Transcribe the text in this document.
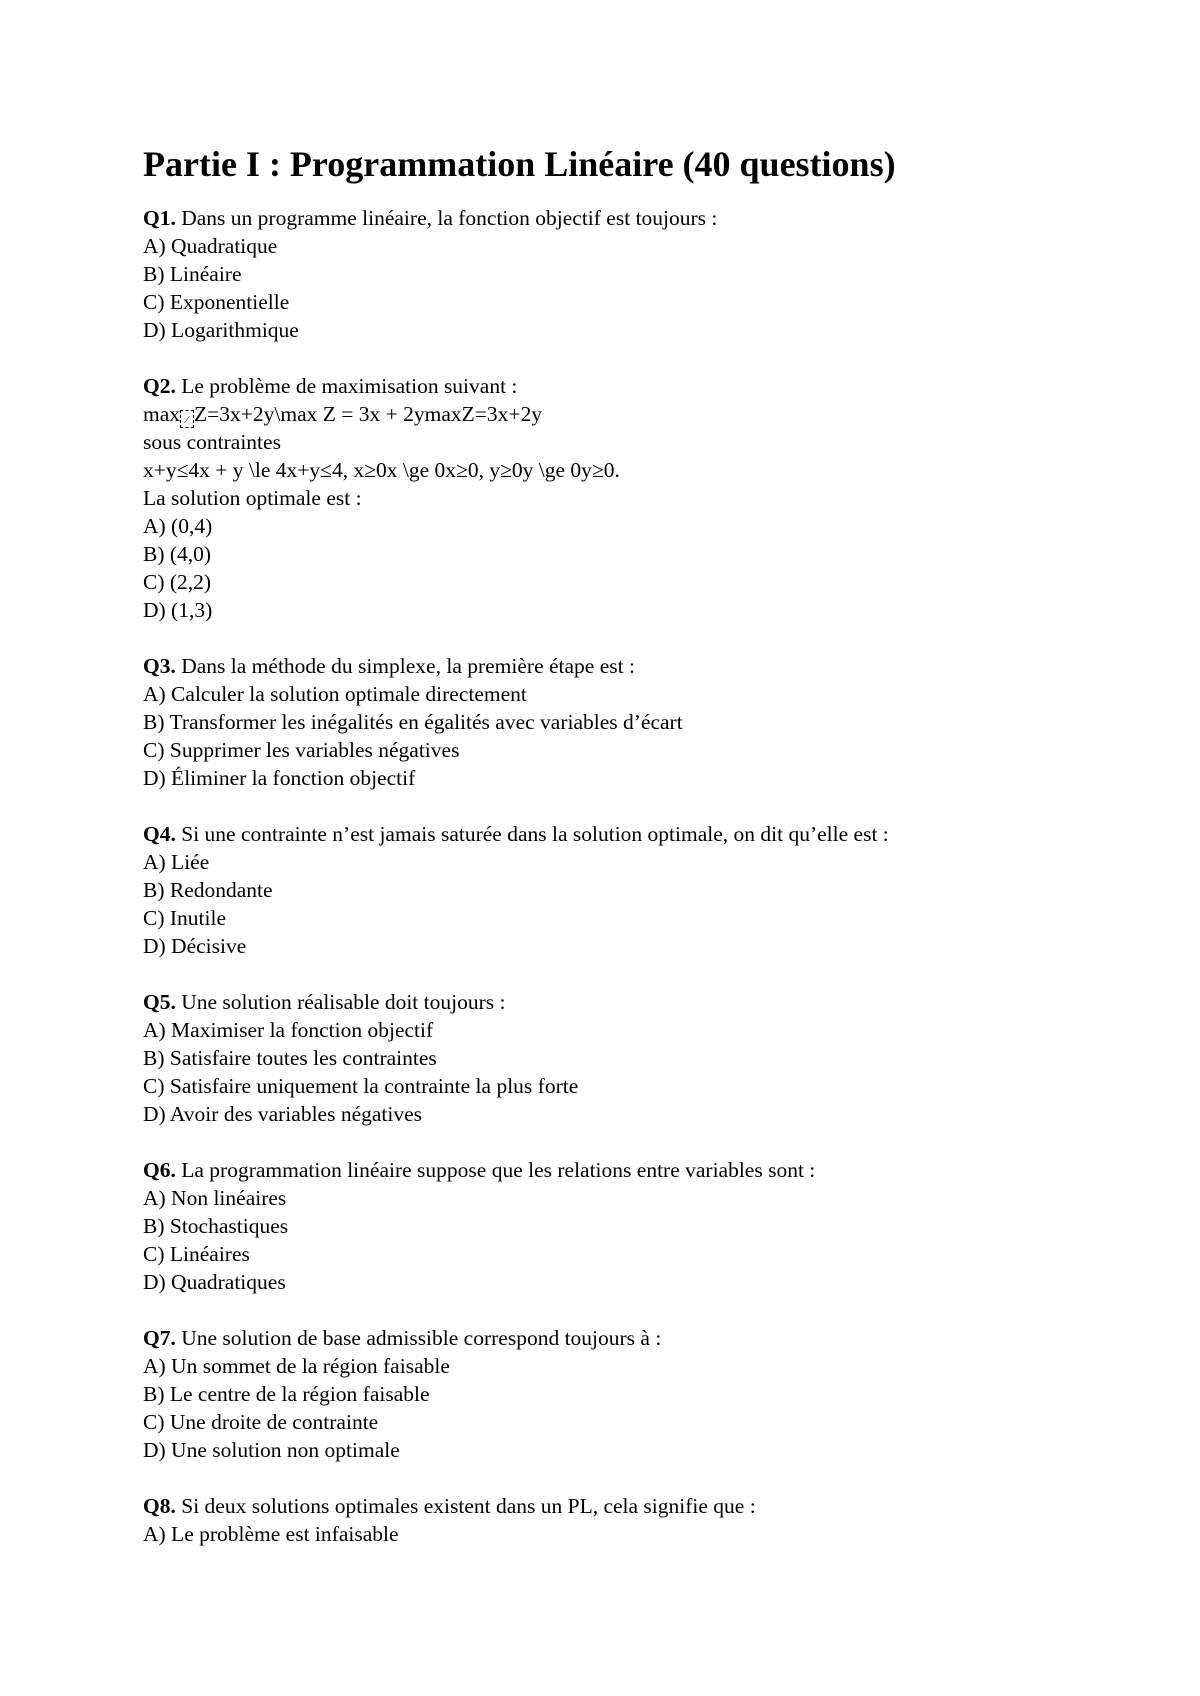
Partie I : Programmation Linéaire (40 questions)
Q1. Dans un programme linéaire, la fonction objectif est toujours :
A) Quadratique
B) Linéaire
C) Exponentielle
D) Logarithmique
Q2. Le problème de maximisation suivant :
max ⁄ Z=3x+2y\max Z = 3x + 2ymaxZ=3x+2y
sous contraintes
x+y≤4x + y \le 4x+y≤4, x≥0x \ge 0x≥0, y≥0y \ge 0y≥0.
La solution optimale est :
A) (0,4)
B) (4,0)
C) (2,2)
D) (1,3)
Q3. Dans la méthode du simplexe, la première étape est :
A) Calculer la solution optimale directement
B) Transformer les inégalités en égalités avec variables d’écart
C) Supprimer les variables négatives
D) Éliminer la fonction objectif
Q4. Si une contrainte n’est jamais saturée dans la solution optimale, on dit qu’elle est :
A) Liée
B) Redondante
C) Inutile
D) Décisive
Q5. Une solution réalisable doit toujours :
A) Maximiser la fonction objectif
B) Satisfaire toutes les contraintes
C) Satisfaire uniquement la contrainte la plus forte
D) Avoir des variables négatives
Q6. La programmation linéaire suppose que les relations entre variables sont :
A) Non linéaires
B) Stochastiques
C) Linéaires
D) Quadratiques
Q7. Une solution de base admissible correspond toujours à :
A) Un sommet de la région faisable
B) Le centre de la région faisable
C) Une droite de contrainte
D) Une solution non optimale
Q8. Si deux solutions optimales existent dans un PL, cela signifie que :
A) Le problème est infaisable
